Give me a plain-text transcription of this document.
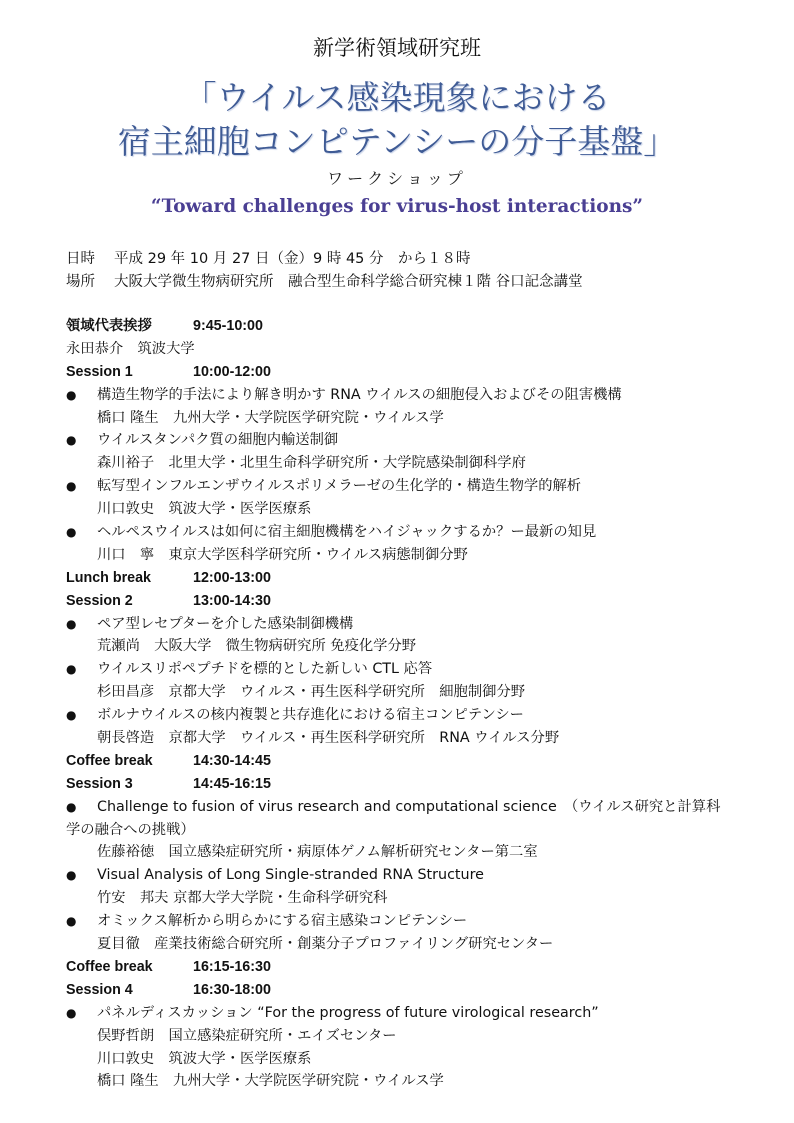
新学術領域研究班
「ウイルス感染現象における
宿主細胞コンピテンシーの分子基盤」
ワークショップ
“Toward challenges for virus-host interactions”
日時 平成 29 年 10 月 27 日（金）9 時 45 分　から１８時
場所 大阪大学微生物病研究所　融合型生命科学総合研究棟１階 谷口記念講堂
領域代表挨拶	9:45-10:00
永田恭介　筑波大学
Session 1	10:00-12:00
● 構造生物学的手法により解き明かす RNA ウイルスの細胞侵入およびその阻害機構
橋口 隆生　九州大学・大学院医学研究院・ウイルス学
● ウイルスタンパク質の細胞内輸送制御
森川裕子　北里大学・北里生命科学研究所・大学院感染制御科学府
● 転写型インフルエンザウイルスポリメラーゼの生化学的・構造生物学的解析
川口敦史　筑波大学・医学医療系
● ヘルペスウイルスは如何に宿主細胞機構をハイジャックするか？ー最新の知見
川口　寧　東京大学医科学研究所・ウイルス病態制御分野
Lunch break	12:00-13:00
Session 2	13:00-14:30
● ペア型レセプターを介した感染制御機構
荒瀬尚　大阪大学　微生物病研究所 免疫化学分野
● ウイルスリポペプチドを標的とした新しい CTL 応答
杉田昌彦　京都大学　ウイルス・再生医科学研究所　細胞制御分野
● ボルナウイルスの核内複製と共存進化における宿主コンピテンシー
朝長啓造　京都大学　ウイルス・再生医科学研究所　RNA ウイルス分野
Coffee break	14:30-14:45
Session 3	14:45-16:15
● Challenge to fusion of virus research and computational science　（ウイルス研究と計算科
学の融合への挑戦）
佐藤裕徳　国立感染症研究所・病原体ゲノム解析研究センター第二室
● Visual Analysis of Long Single-stranded RNA Structure
竹安　邦夫 京都大学大学院・生命科学研究科
● オミックス解析から明らかにする宿主感染コンピテンシー
夏目徹　産業技術総合研究所・創薬分子プロファイリング研究センター
Coffee break	16:15-16:30
Session 4	16:30-18:00
● パネルディスカッション “For the progress of future virological research”
俣野哲朗　国立感染症研究所・エイズセンター
川口敦史　筑波大学・医学医療系
橋口 隆生　九州大学・大学院医学研究院・ウイルス学
